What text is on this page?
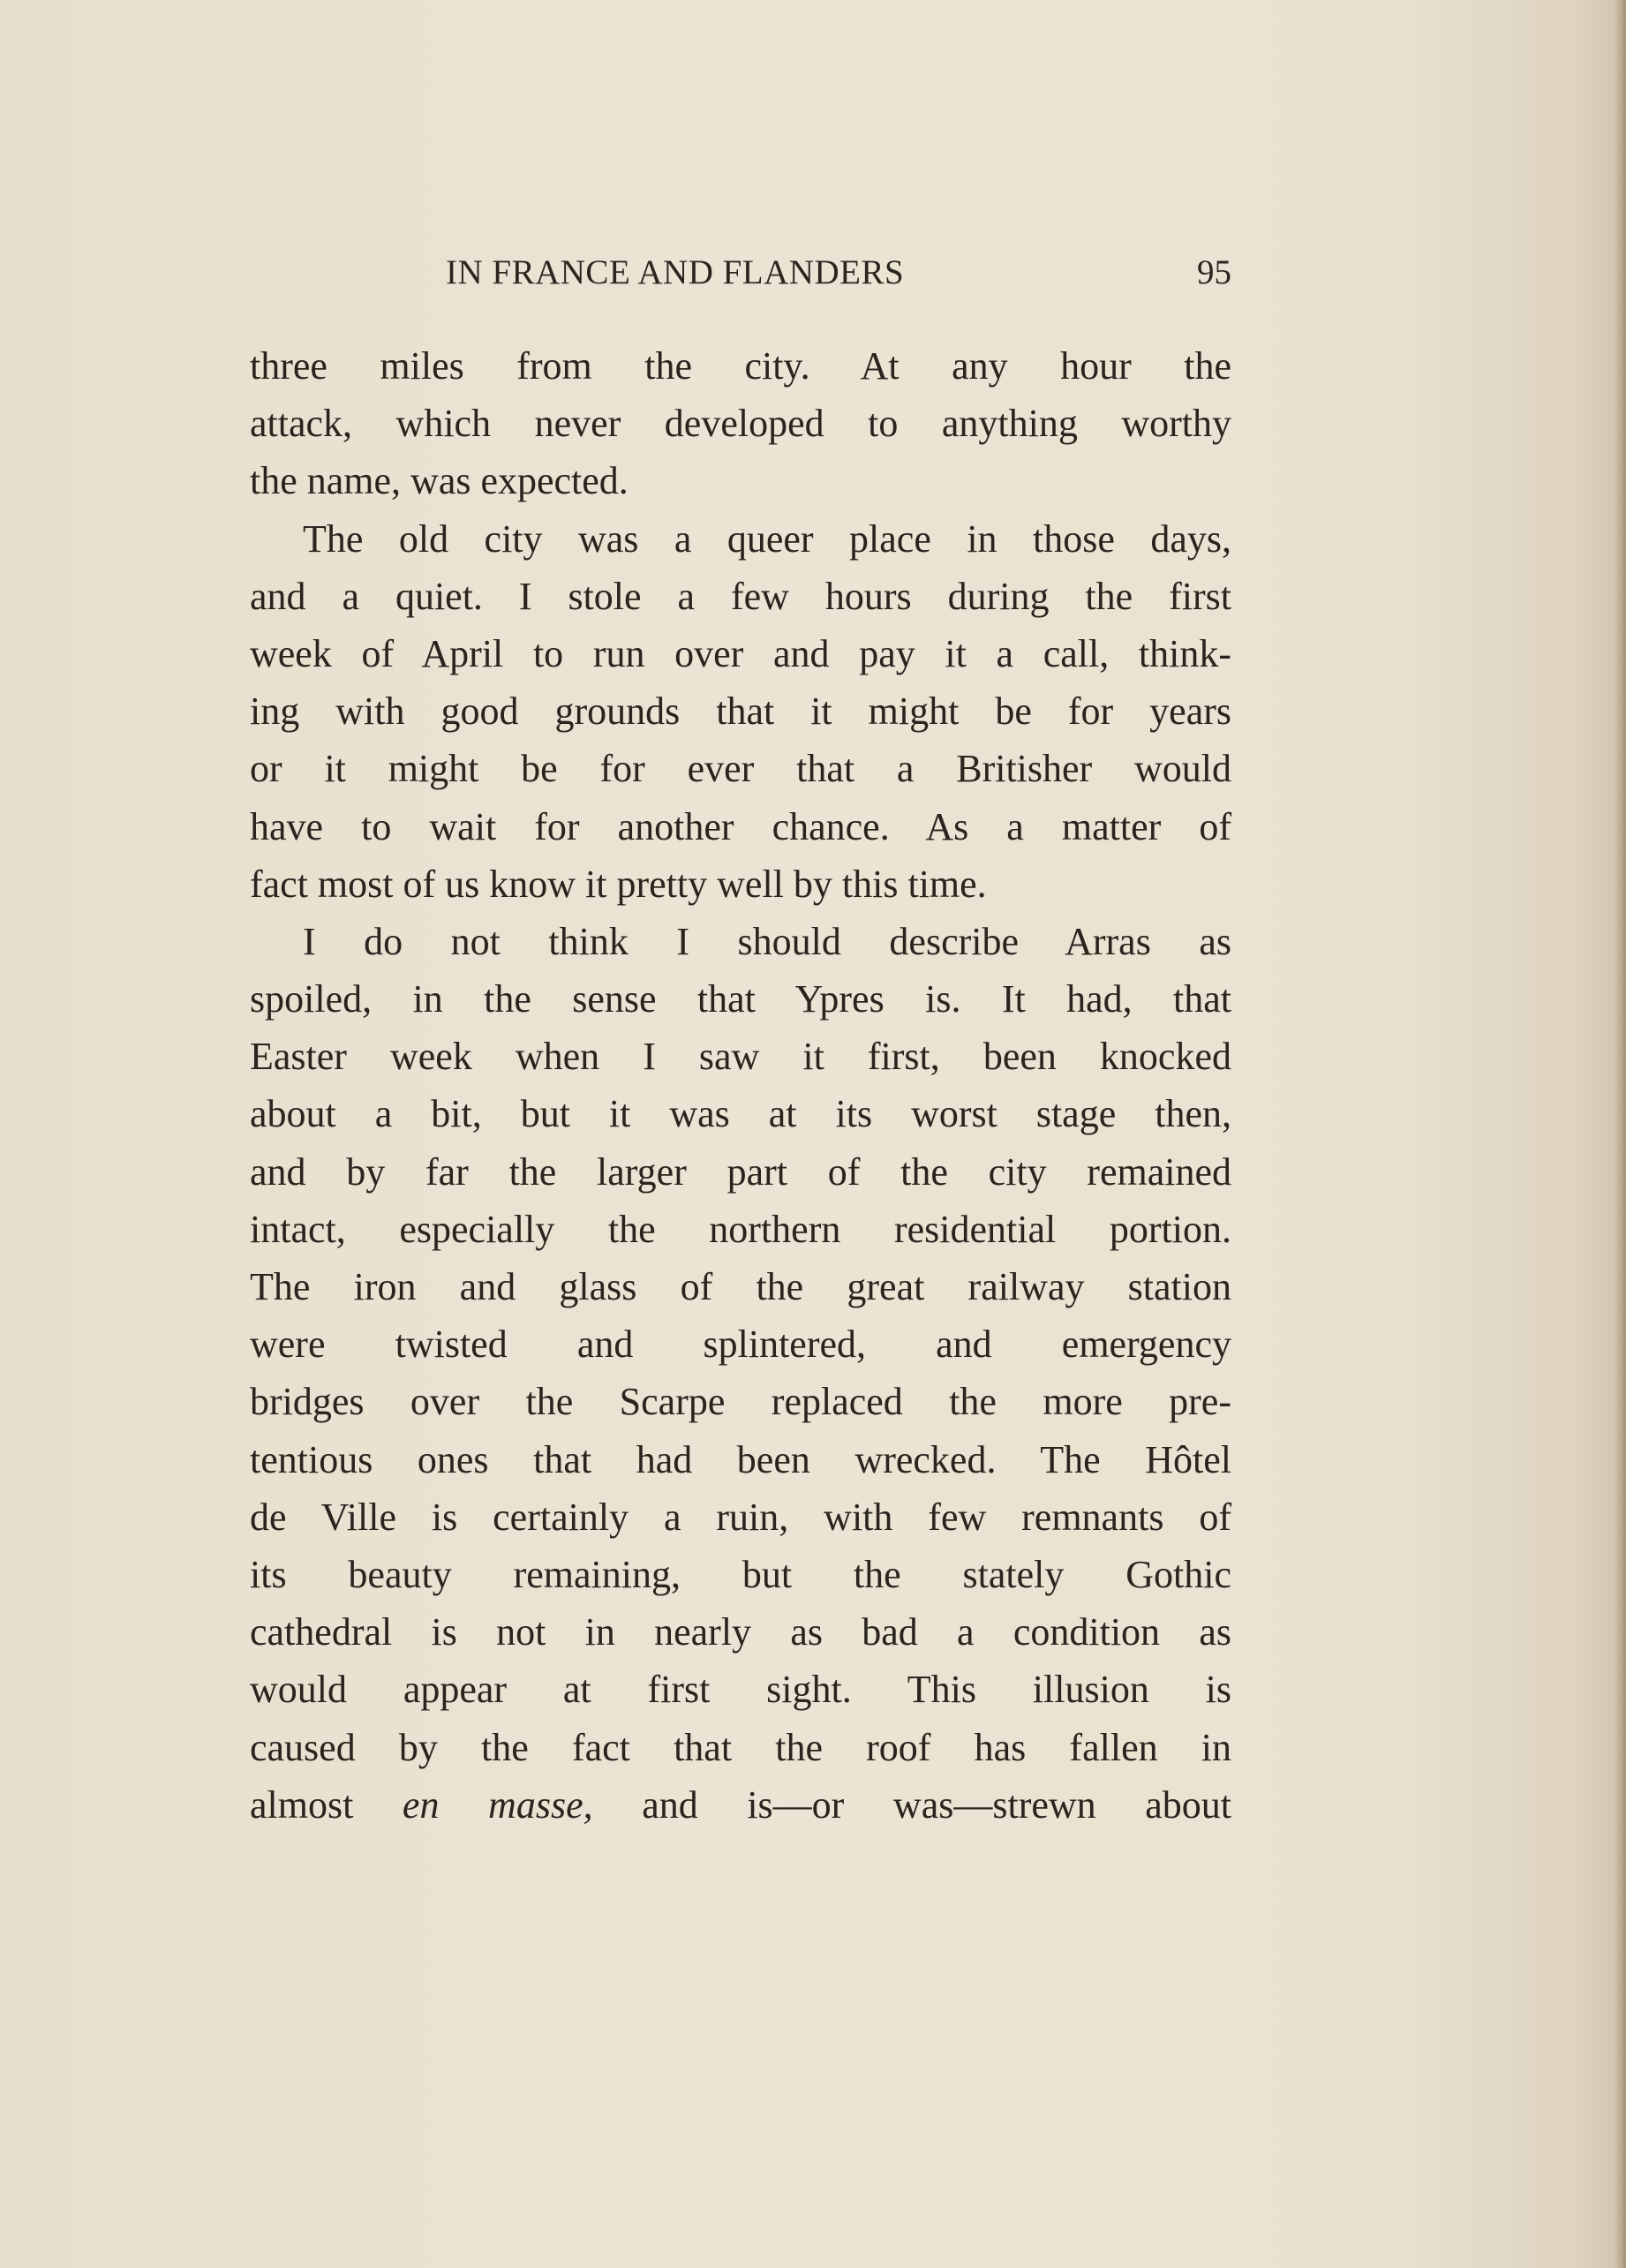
IN FRANCE AND FLANDERS	95
three miles from the city. At any hour the
attack, which never developed to anything worthy
the name, was expected.
The old city was a queer place in those days,
and a quiet. I stole a few hours during the first
week of April to run over and pay it a call, think-
ing with good grounds that it might be for years
or it might be for ever that a Britisher would
have to wait for another chance. As a matter of
fact most of us know it pretty well by this time.
I do not think I should describe Arras as
spoiled, in the sense that Ypres is. It had, that
Easter week when I saw it first, been knocked
about a bit, but it was at its worst stage then,
and by far the larger part of the city remained
intact, especially the northern residential portion.
The iron and glass of the great railway station
were twisted and splintered, and emergency
bridges over the Scarpe replaced the more pre-
tentious ones that had been wrecked. The Hôtel
de Ville is certainly a ruin, with few remnants of
its beauty remaining, but the stately Gothic
cathedral is not in nearly as bad a condition as
would appear at first sight. This illusion is
caused by the fact that the roof has fallen in
almost en masse, and is—or was—strewn about
